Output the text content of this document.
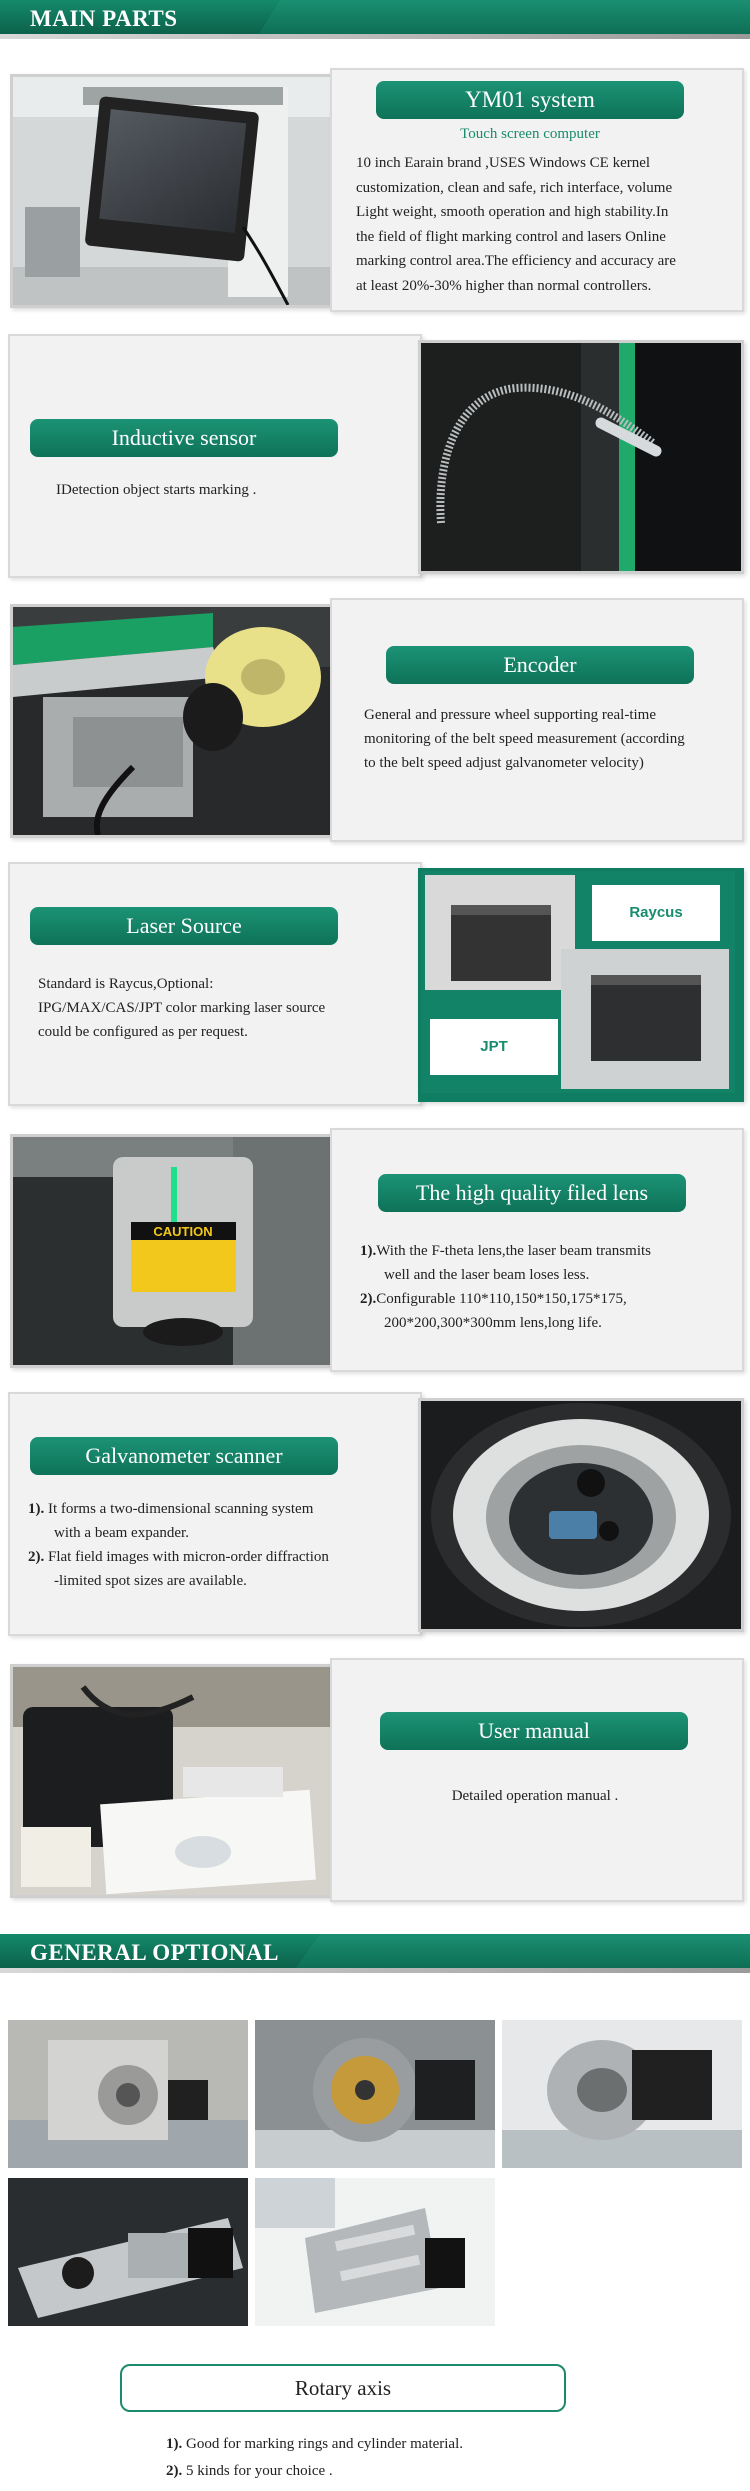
MAIN PARTS
YM01 system
Touch screen computer
10 inch Earain brand ,USES Windows CE kernel
customization, clean and safe, rich interface, volume
Light weight, smooth operation and high stability.In
the field of flight marking control and lasers Online
marking control area.The efficiency and accuracy are
at least 20%-30% higher than normal controllers.
Inductive sensor
IDetection object starts marking .
Encoder
General and pressure wheel supporting real-time
monitoring of the belt speed measurement (according
to the belt speed adjust galvanometer velocity)
Laser Source
Standard is Raycus,Optional:
IPG/MAX/CAS/JPT color marking laser source
could be configured as per request.
Raycus
JPT
CAUTION
The high quality filed lens
1).With the F-theta lens,the laser beam transmits
well and the laser beam loses less.
2).Configurable 110*110,150*150,175*175,
200*200,300*300mm lens,long life.
Galvanometer scanner
1). It forms a two-dimensional scanning system
with a beam expander.
2). Flat field images with micron-order diffraction
-limited spot sizes are available.
User manual
Detailed operation manual .
GENERAL OPTIONAL
Rotary axis
1). Good for marking rings and cylinder material.
2). 5 kinds for your choice .
